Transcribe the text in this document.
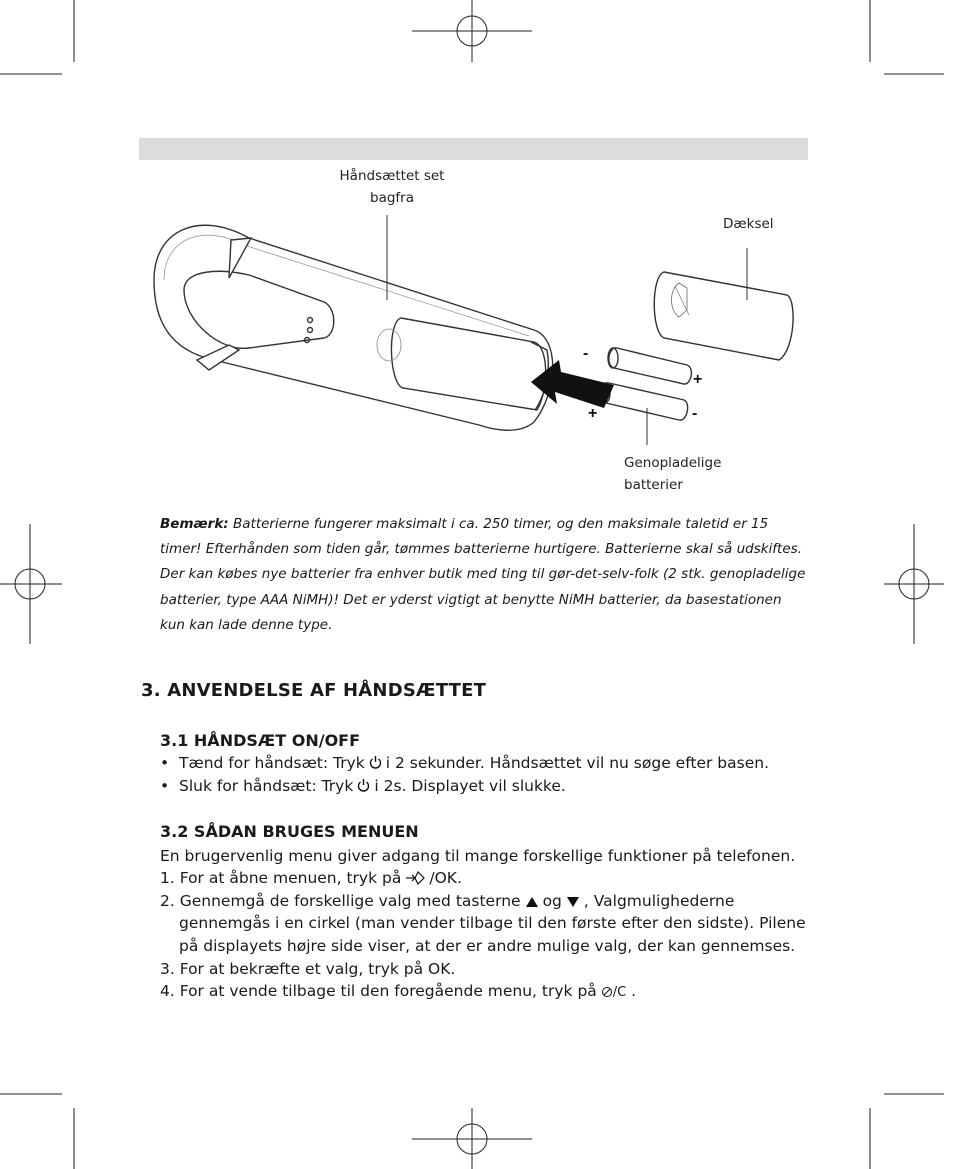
-
+
+	-
Håndsættet set
bagfra
Dæksel
Genopladelige
batterier
Bemærk: Batterierne fungerer maksimalt i ca. 250 timer, og den maksimale taletid er 15
timer! Efterhånden som tiden går, tømmes batterierne hurtigere. Batterierne skal så udskiftes.
Der kan købes nye batterier fra enhver butik med ting til gør-det-selv-folk (2 stk. genopladelige
batterier, type AAA NiMH)! Det er yderst vigtigt at benytte NiMH batterier, da basestationen
kun kan lade denne type.
3. ANVENDELSE AF HÅNDSÆTTET
3.1 HÅNDSÆT ON/OFF
• Tænd for håndsæt: Tryk i 2 sekunder. Håndsættet vil nu søge efter basen.
• Sluk for håndsæt: Tryk i 2s. Displayet vil slukke.
3.2 SÅDAN BRUGES MENUEN
En brugervenlig menu giver adgang til mange forskellige funktioner på telefonen.
1. For at åbne menuen, tryk på /OK.
2. Gennemgå de forskellige valg med tasterne og , Valgmulighederne
gennemgås i en cirkel (man vender tilbage til den første efter den sidste). Pilene
på displayets højre side viser, at der er andre mulige valg, der kan gennemses.
3. For at bekræfte et valg, tryk på OK.
4. For at vende tilbage til den foregående menu, tryk på /C .
